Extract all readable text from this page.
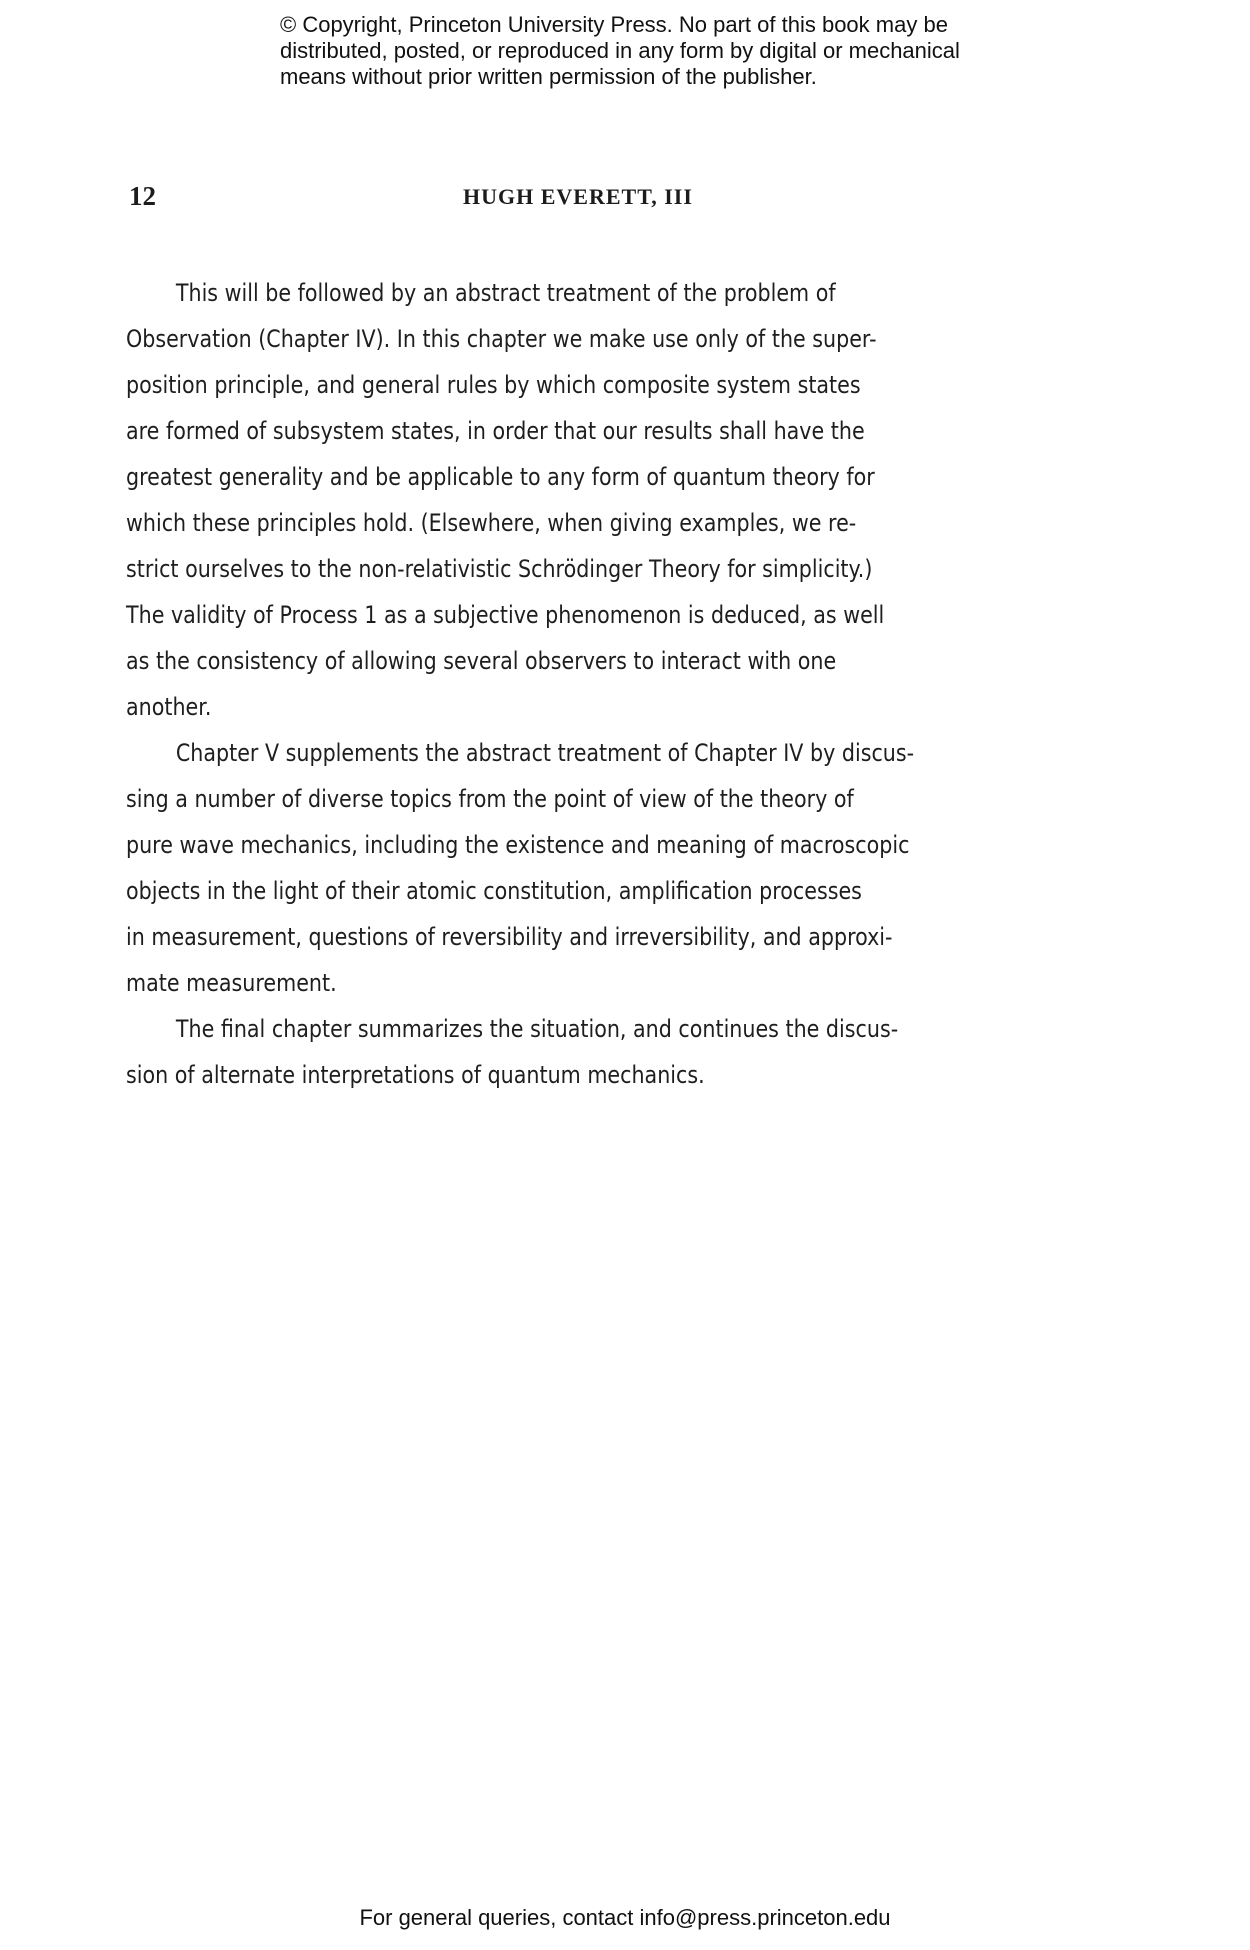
© Copyright, Princeton University Press. No part of this book may be
distributed, posted, or reproduced in any form by digital or mechanical
means without prior written permission of the publisher.
12	HUGH EVERETT, III
This will be followed by an abstract treatment of the problem of
Observation (Chapter IV). In this chapter we make use only of the super-
position principle, and general rules by which composite system states
are formed of subsystem states, in order that our results shall have the
greatest generality and be applicable to any form of quantum theory for
which these principles hold. (Elsewhere, when giving examples, we re-
strict ourselves to the non-relativistic Schrödinger Theory for simplicity.)
The validity of Process 1 as a subjective phenomenon is deduced, as well
as the consistency of allowing several observers to interact with one
another.
Chapter V supplements the abstract treatment of Chapter IV by discus-
sing a number of diverse topics from the point of view of the theory of
pure wave mechanics, including the existence and meaning of macroscopic
objects in the light of their atomic constitution, amplification processes
in measurement, questions of reversibility and irreversibility, and approxi-
mate measurement.
The final chapter summarizes the situation, and continues the discus-
sion of alternate interpretations of quantum mechanics.
For general queries, contact info@press.princeton.edu
